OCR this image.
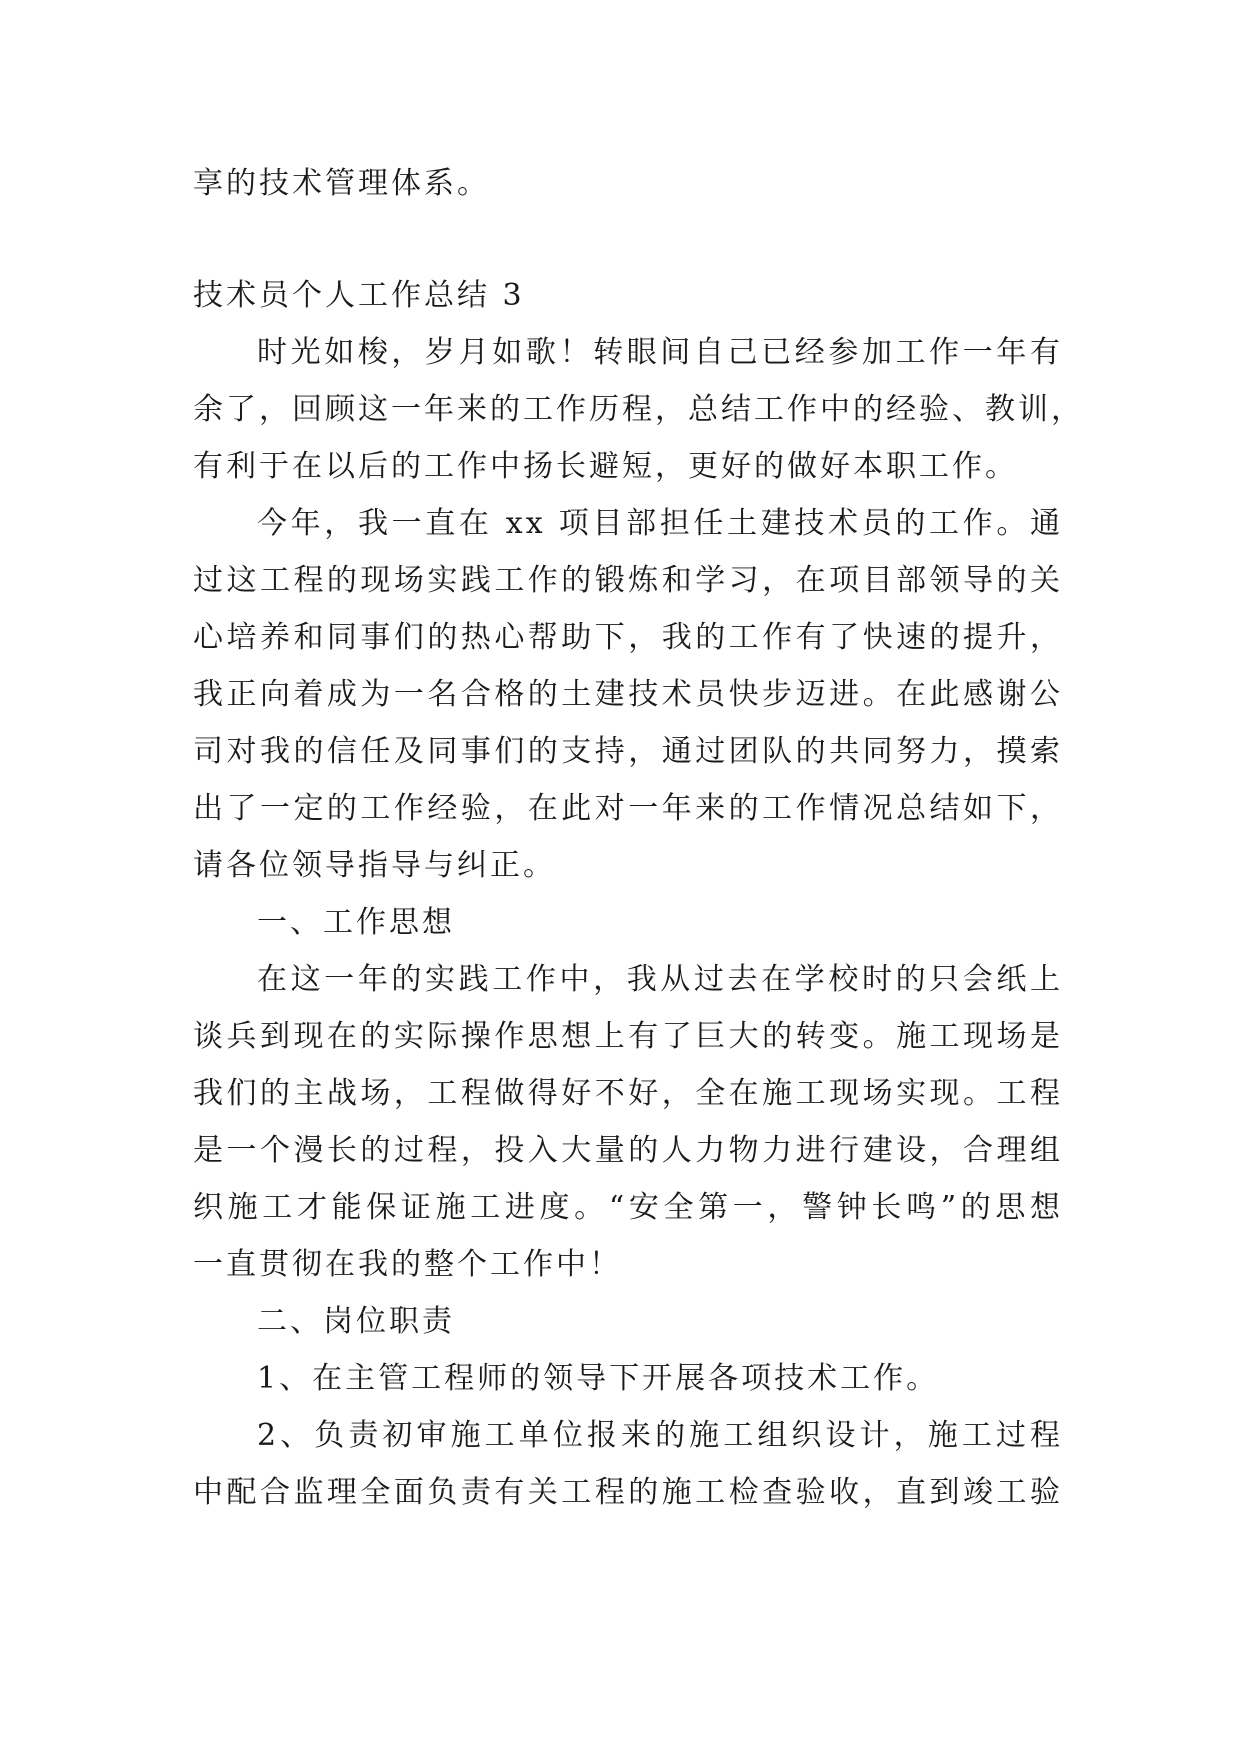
享的技术管理体系。
技术员个人工作总结 3
时光如梭，岁月如歌！转眼间自己已经参加工作一年有
余了，回顾这一年来的工作历程，总结工作中的经验、教训，
有利于在以后的工作中扬长避短，更好的做好本职工作。
今年，我一直在 xx 项目部担任土建技术员的工作。通
过这工程的现场实践工作的锻炼和学习，在项目部领导的关
心培养和同事们的热心帮助下，我的工作有了快速的提升，
我正向着成为一名合格的土建技术员快步迈进。在此感谢公
司对我的信任及同事们的支持，通过团队的共同努力，摸索
出了一定的工作经验，在此对一年来的工作情况总结如下，
请各位领导指导与纠正。
一、工作思想
在这一年的实践工作中，我从过去在学校时的只会纸上
谈兵到现在的实际操作思想上有了巨大的转变。施工现场是
我们的主战场，工程做得好不好，全在施工现场实现。工程
是一个漫长的过程，投入大量的人力物力进行建设，合理组
织施工才能保证施工进度。“安全第一，警钟长鸣”的思想
一直贯彻在我的整个工作中！
二、岗位职责
1、在主管工程师的领导下开展各项技术工作。
2、负责初审施工单位报来的施工组织设计，施工过程
中配合监理全面负责有关工程的施工检查验收，直到竣工验
